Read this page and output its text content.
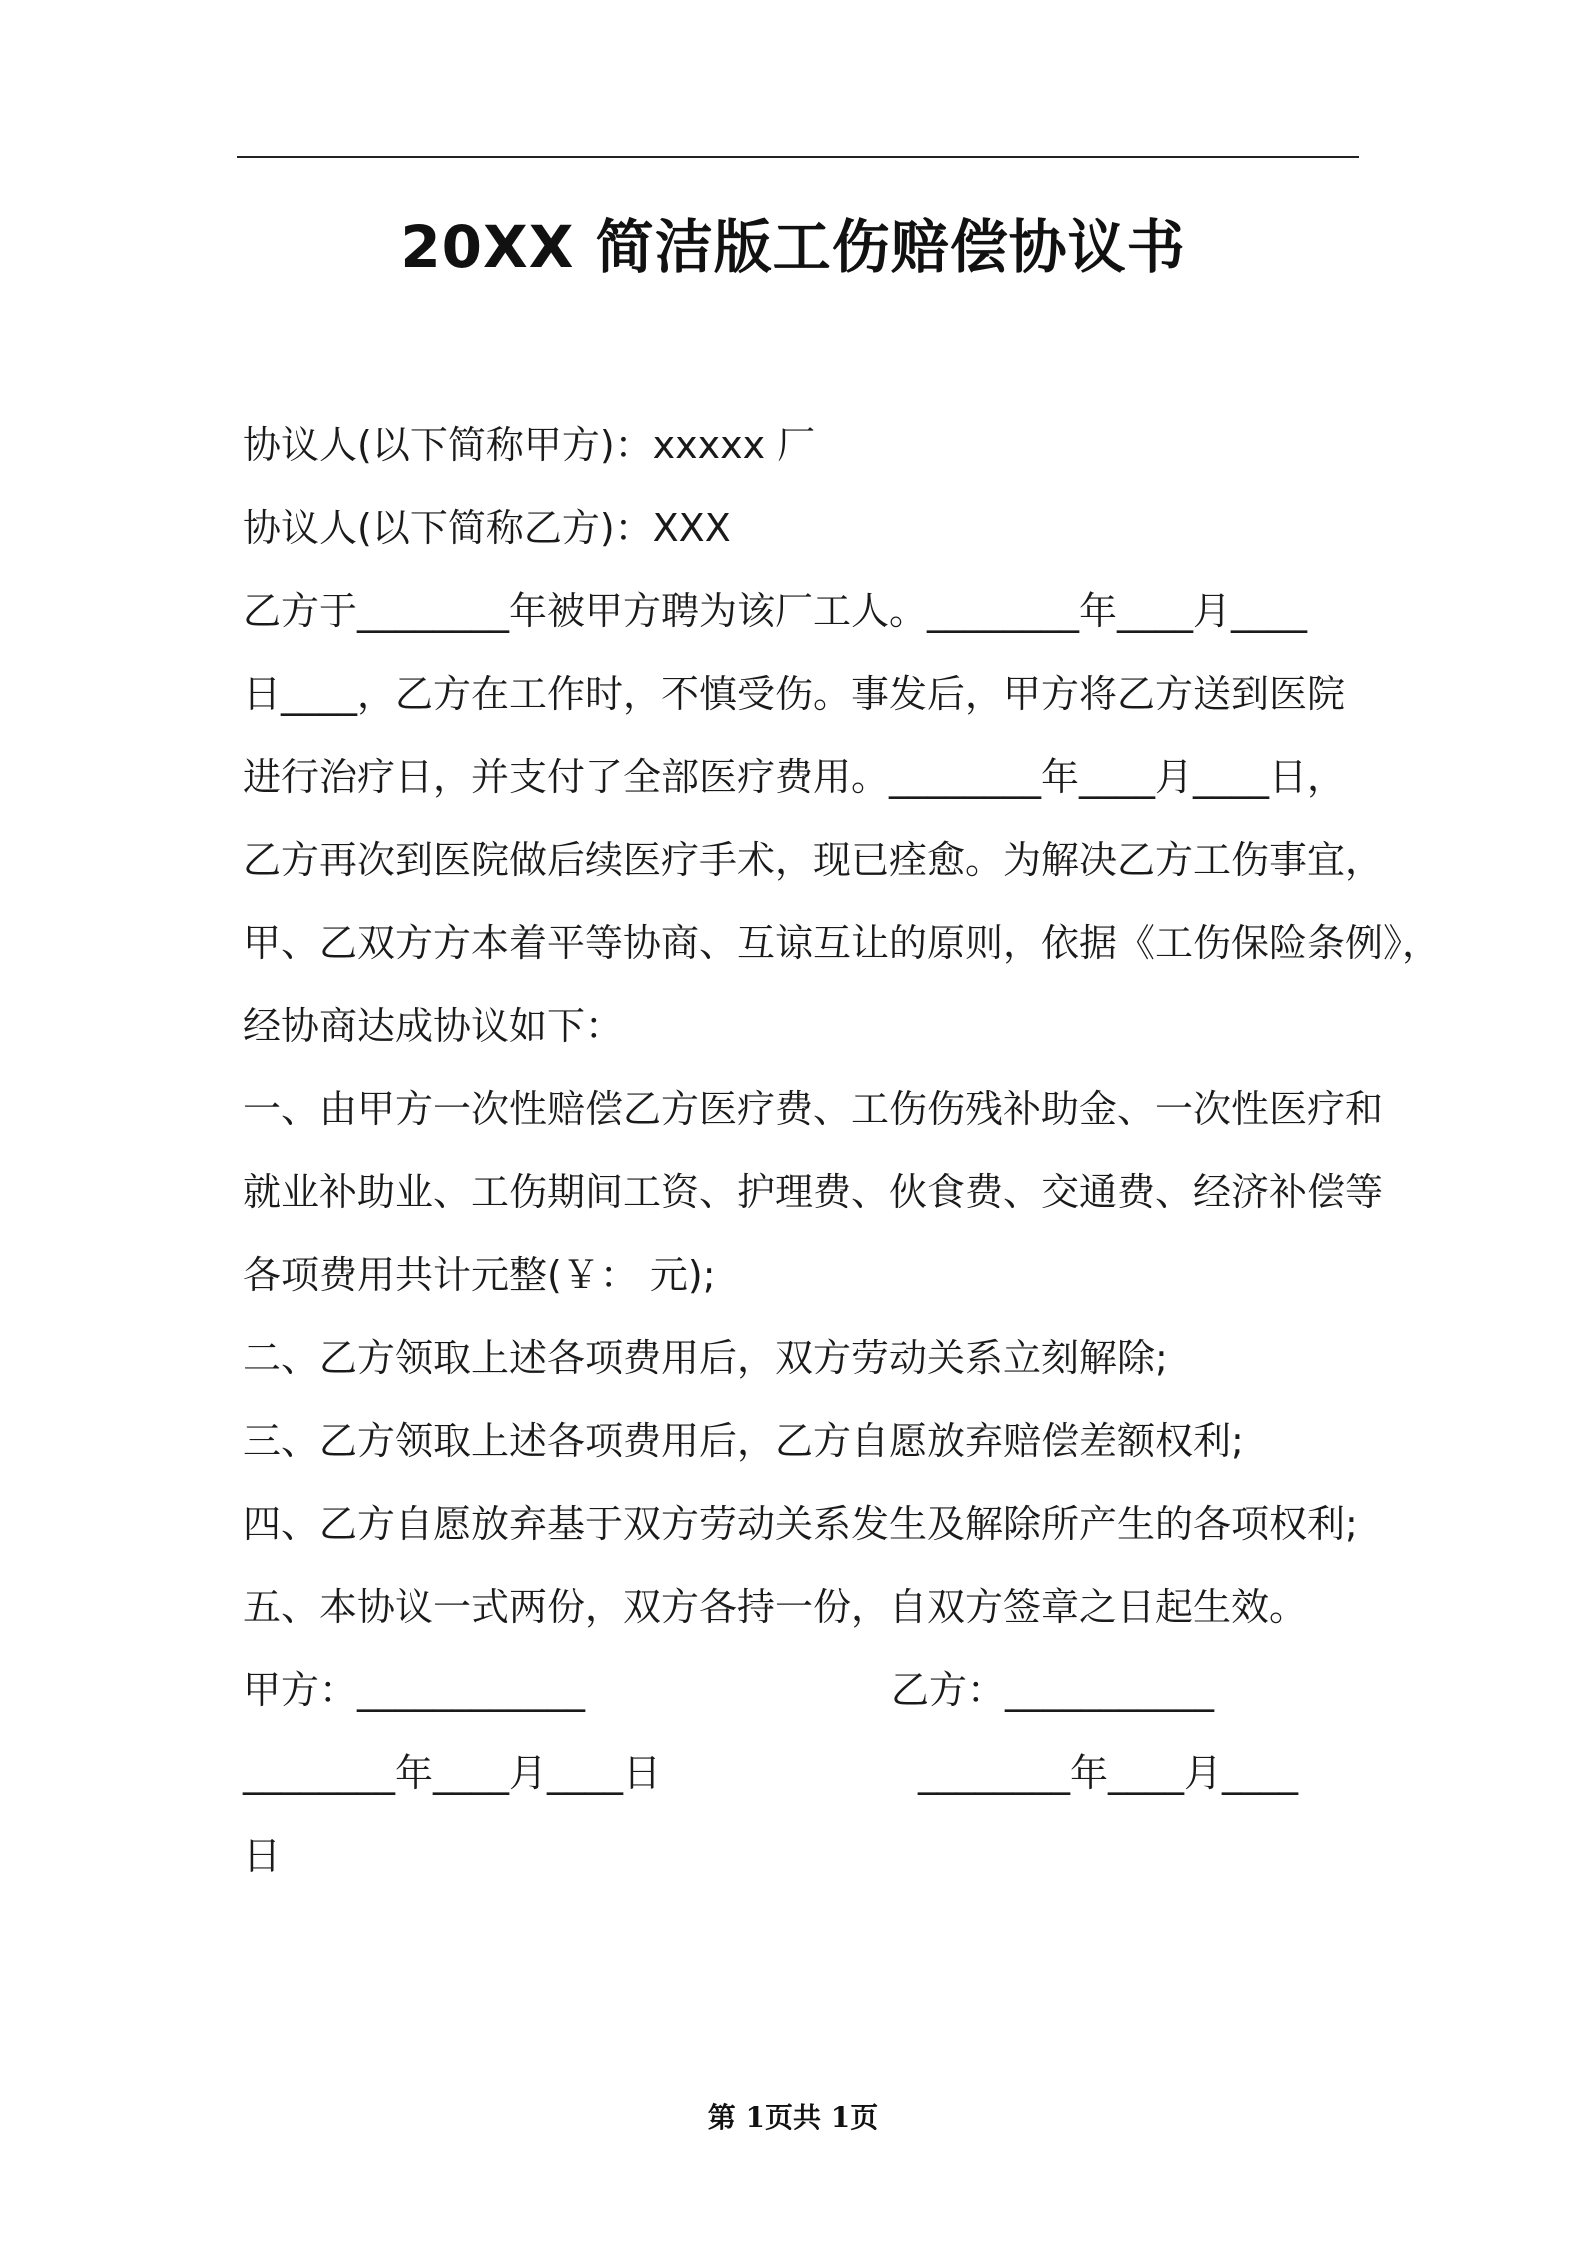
20XX 简洁版工伤赔偿协议书

协议人(以下简称甲方)：xxxxx 厂

协议人(以下简称乙方)：XXX

乙方于________年被甲方聘为该厂工人。________年____月____

日____，乙方在工作时，不慎受伤。事发后，甲方将乙方送到医院

进行治疗日，并支付了全部医疗费用。________年____月____日，

乙方再次到医院做后续医疗手术，现已痊愈。为解决乙方工伤事宜，

甲、乙双方方本着平等协商、互谅互让的原则，依据《工伤保险条例》，

经协商达成协议如下：

一、由甲方一次性赔偿乙方医疗费、工伤伤残补助金、一次性医疗和

就业补助业、工伤期间工资、护理费、伙食费、交通费、经济补偿等

各项费用共计元整(￥： 元);

二、乙方领取上述各项费用后，双方劳动关系立刻解除;

三、乙方领取上述各项费用后，乙方自愿放弃赔偿差额权利;

四、乙方自愿放弃基于双方劳动关系发生及解除所产生的各项权利;

五、本协议一式两份，双方各持一份，自双方签章之日起生效。

甲方：____________	乙方：___________
________年____月____日	________年____月____

日

第 1页共 1页
